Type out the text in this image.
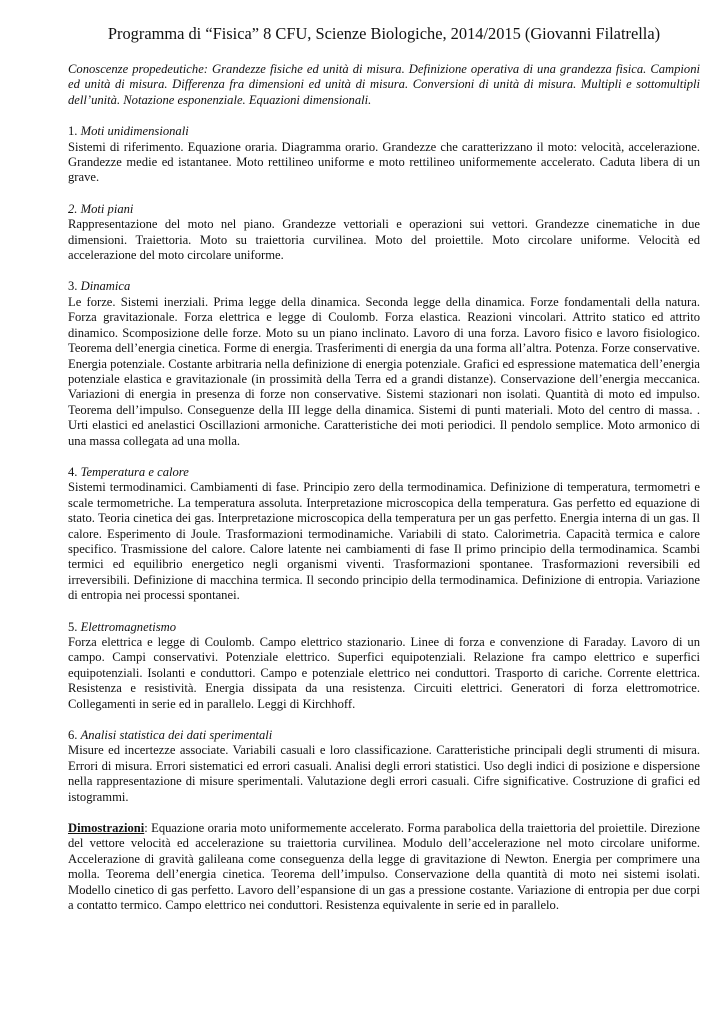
Programma di “Fisica” 8 CFU, Scienze Biologiche, 2014/2015 (Giovanni Filatrella)

Conoscenze propedeutiche: Grandezze fisiche ed unità di misura. Definizione operativa di una grandezza fisica. Campioni ed unità di misura. Differenza fra dimensioni ed unità di misura. Conversioni di unità di misura. Multipli e sottomultipli dell’unità. Notazione esponenziale. Equazioni dimensionali.

1. Moti unidimensionali
Sistemi di riferimento. Equazione oraria. Diagramma orario. Grandezze che caratterizzano il moto: velocità, accelerazione. Grandezze medie ed istantanee. Moto rettilineo uniforme e moto rettilineo uniformemente accelerato. Caduta libera di un grave.
2. Moti piani
Rappresentazione del moto nel piano. Grandezze vettoriali e operazioni sui vettori. Grandezze cinematiche in due dimensioni. Traiettoria. Moto su traiettoria curvilinea. Moto del proiettile. Moto circolare uniforme. Velocità ed accelerazione del moto circolare uniforme.
3. Dinamica
Le forze. Sistemi inerziali. Prima legge della dinamica. Seconda legge della dinamica. Forze fondamentali della natura. Forza gravitazionale. Forza elettrica e legge di Coulomb. Forza elastica. Reazioni vincolari. Attrito statico ed attrito dinamico. Scomposizione delle forze. Moto su un piano inclinato. Lavoro di una forza. Lavoro fisico e lavoro fisiologico. Teorema dell’energia cinetica. Forme di energia. Trasferimenti di energia da una forma all’altra. Potenza. Forze conservative. Energia potenziale. Costante arbitraria nella definizione di energia potenziale. Grafici ed espressione matematica dell’energia potenziale elastica e gravitazionale (in prossimità della Terra ed a grandi distanze). Conservazione dell’energia meccanica. Variazioni di energia in presenza di forze non conservative. Sistemi stazionari non isolati. Quantità di moto ed impulso. Teorema dell’impulso. Conseguenze della III legge della dinamica. Sistemi di punti materiali. Moto del centro di massa. . Urti elastici ed anelastici Oscillazioni armoniche. Caratteristiche dei moti periodici. Il pendolo semplice. Moto armonico di una massa collegata ad una molla.
4. Temperatura e calore
Sistemi termodinamici. Cambiamenti di fase. Principio zero della termodinamica. Definizione di temperatura, termometri e scale termometriche. La temperatura assoluta. Interpretazione microscopica della temperatura. Gas perfetto ed equazione di stato. Teoria cinetica dei gas. Interpretazione microscopica della temperatura per un gas perfetto. Energia interna di un gas. Il calore. Esperimento di Joule. Trasformazioni termodinamiche. Variabili di stato. Calorimetria. Capacità termica e calore specifico. Trasmissione del calore. Calore latente nei cambiamenti di fase Il primo principio della termodinamica. Scambi termici ed equilibrio energetico negli organismi viventi. Trasformazioni spontanee. Trasformazioni reversibili ed irreversibili. Definizione di macchina termica. Il secondo principio della termodinamica. Definizione di entropia. Variazione di entropia nei processi spontanei.
5. Elettromagnetismo
Forza elettrica e legge di Coulomb. Campo elettrico stazionario. Linee di forza e convenzione di Faraday. Lavoro di un campo. Campi conservativi. Potenziale elettrico. Superfici equipotenziali. Relazione fra campo elettrico e superfici equipotenziali. Isolanti e conduttori. Campo e potenziale elettrico nei conduttori. Trasporto di cariche. Corrente elettrica. Resistenza e resistività. Energia dissipata da una resistenza. Circuiti elettrici. Generatori di forza elettromotrice. Collegamenti in serie ed in parallelo. Leggi di Kirchhoff.
6. Analisi statistica dei dati sperimentali
Misure ed incertezze associate. Variabili casuali e loro classificazione. Caratteristiche principali degli strumenti di misura. Errori di misura. Errori sistematici ed errori casuali. Analisi degli errori statistici. Uso degli indici di posizione e dispersione nella rappresentazione di misure sperimentali. Valutazione degli errori casuali. Cifre significative. Costruzione di grafici ed istogrammi.

Dimostrazioni: Equazione oraria moto uniformemente accelerato. Forma parabolica della traiettoria del proiettile. Direzione del vettore velocità ed accelerazione su traiettoria curvilinea. Modulo dell’accelerazione nel moto circolare uniforme. Accelerazione di gravità galileana come conseguenza della legge di gravitazione di Newton. Energia per comprimere una molla. Teorema dell’energia cinetica. Teorema dell’impulso. Conservazione della quantità di moto nei sistemi isolati. Modello cinetico di gas perfetto. Lavoro dell’espansione di un gas a pressione costante. Variazione di entropia per due corpi a contatto termico. Campo elettrico nei conduttori. Resistenza equivalente in serie ed in parallelo.
